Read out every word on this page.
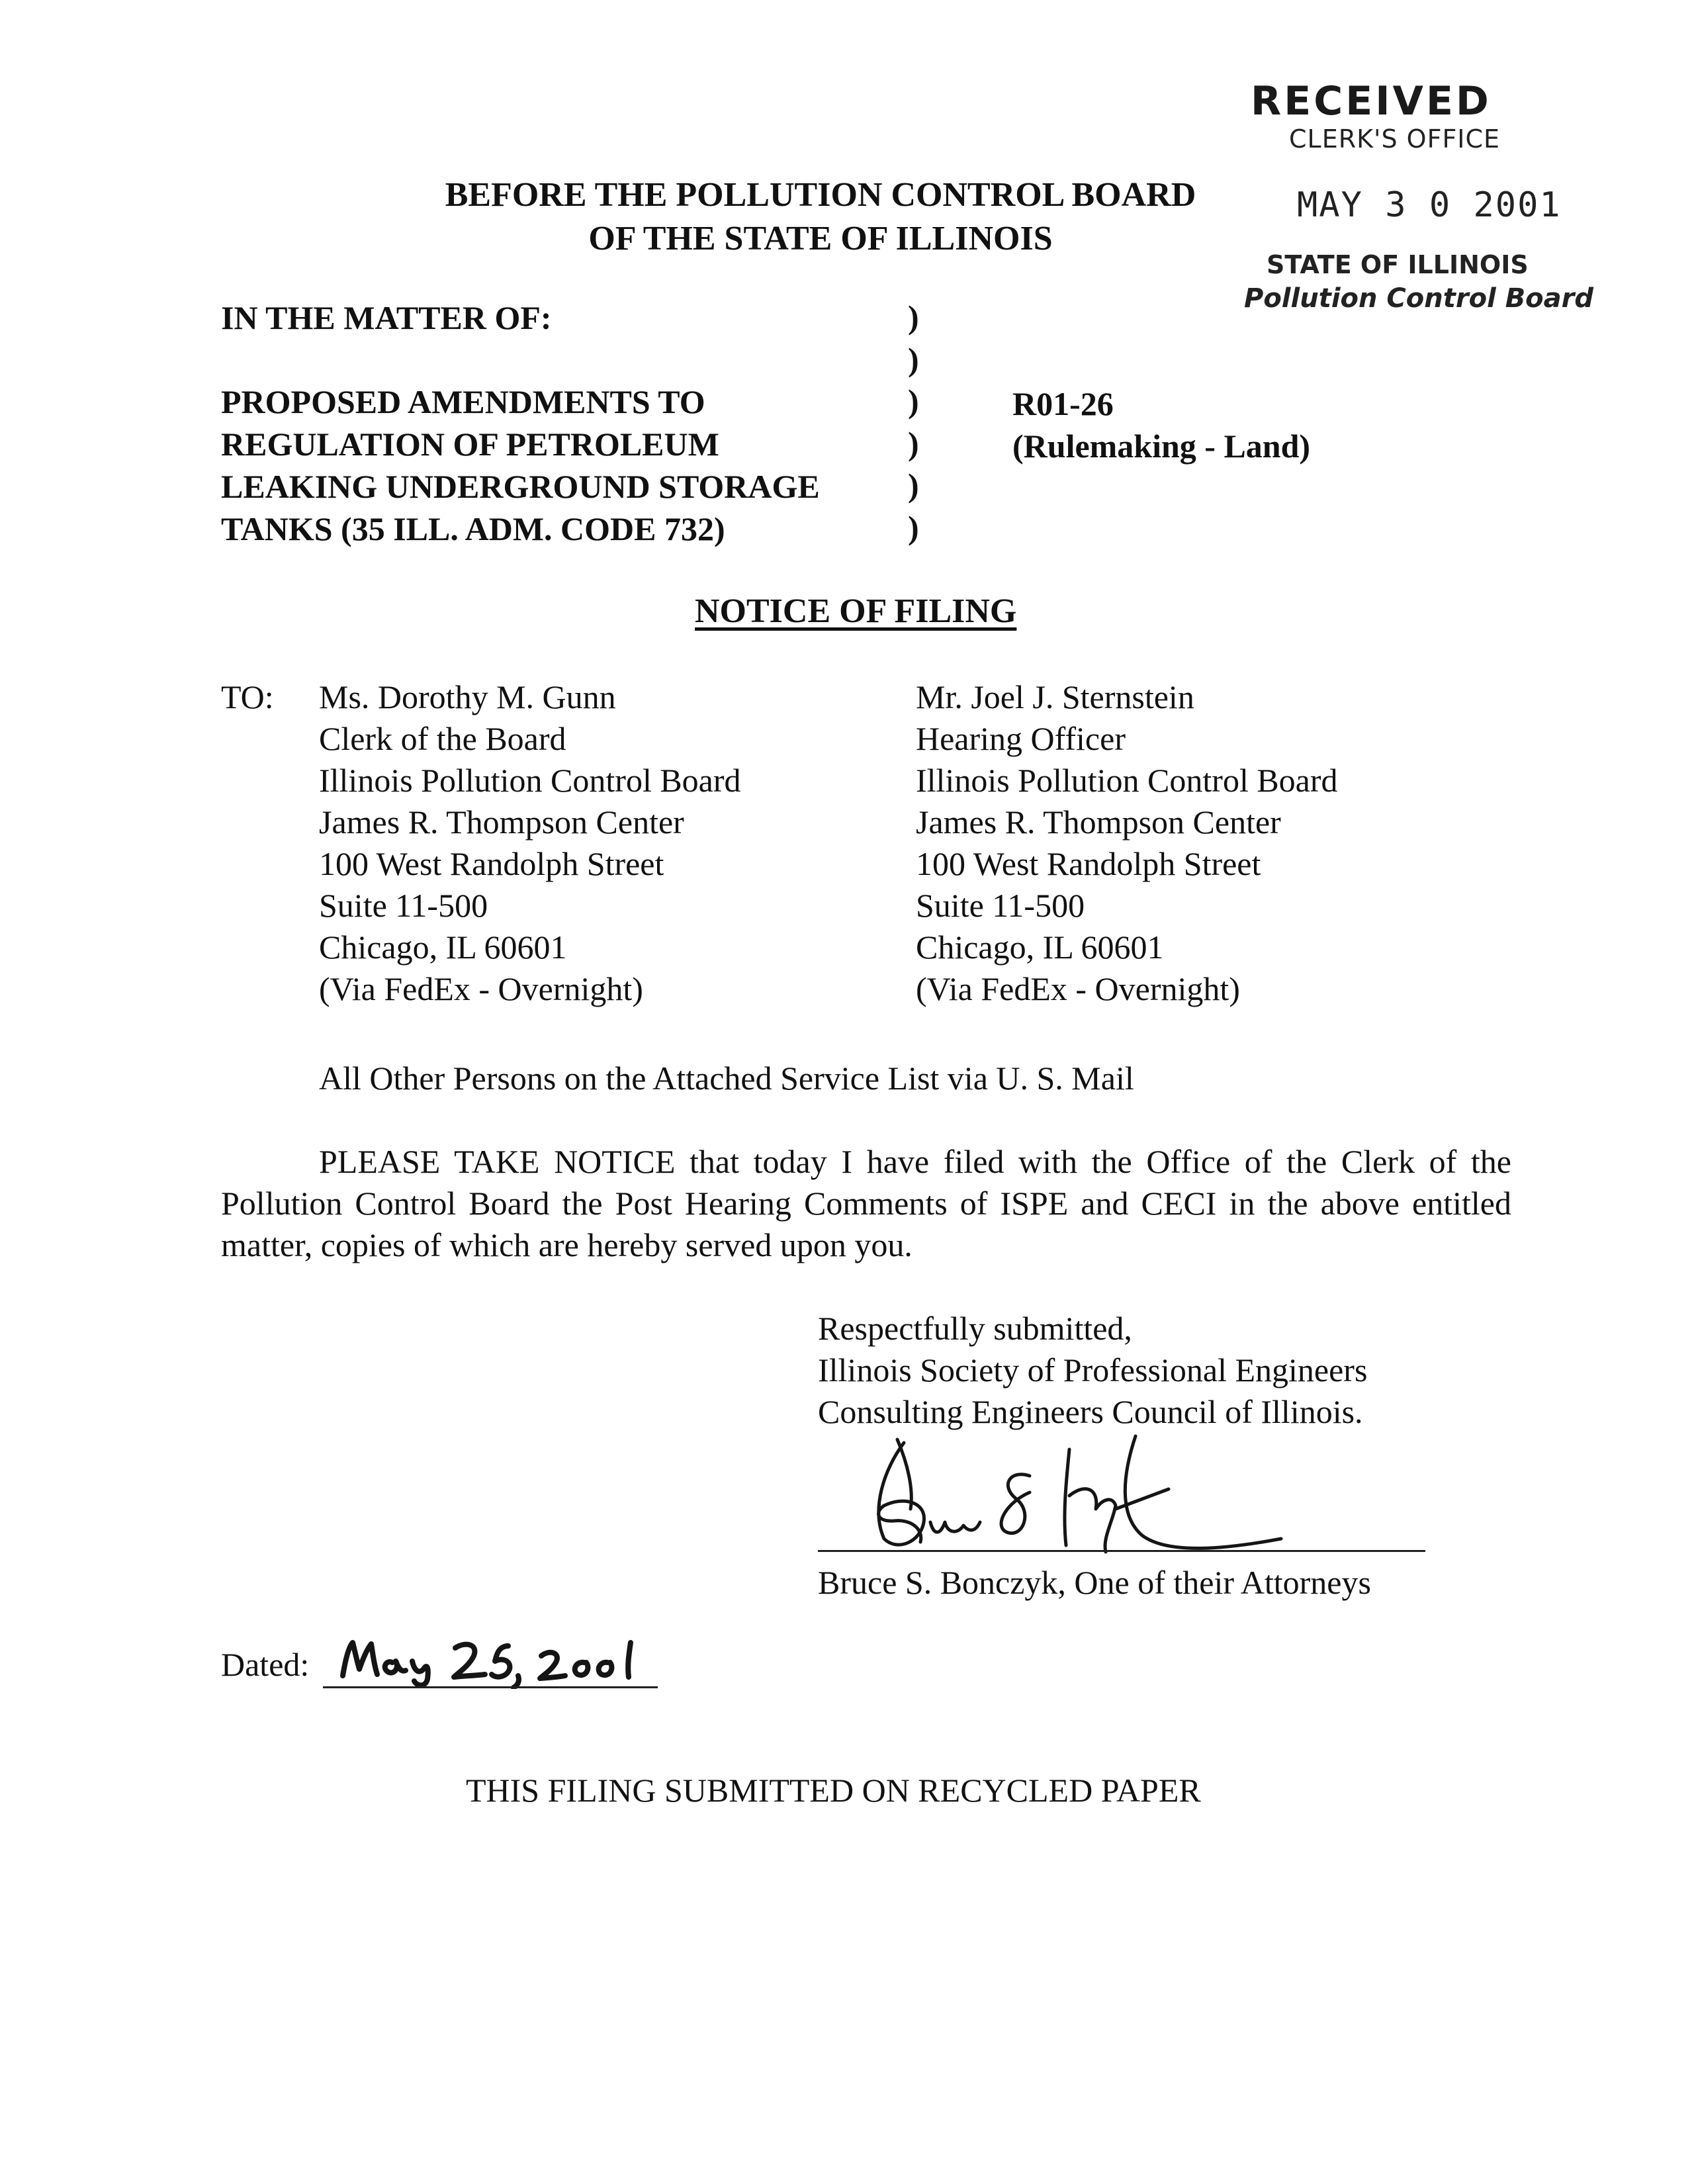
RECEIVED
CLERK'S OFFICE
MAY 3 0 2001
STATE OF ILLINOIS
Pollution Control Board
BEFORE THE POLLUTION CONTROL BOARD
OF THE STATE OF ILLINOIS
IN THE MATTER OF:
PROPOSED AMENDMENTS TO
REGULATION OF PETROLEUM
LEAKING UNDERGROUND STORAGE
TANKS (35 ILL. ADM. CODE 732)
)
)
)
)
)
)
R01-26
(Rulemaking - Land)
NOTICE OF FILING
TO: Ms. Dorothy M. Gunn
Clerk of the Board
Illinois Pollution Control Board
James R. Thompson Center
100 West Randolph Street
Suite 11-500
Chicago, IL 60601
(Via FedEx - Overnight)
Mr. Joel J. Sternstein
Hearing Officer
Illinois Pollution Control Board
James R. Thompson Center
100 West Randolph Street
Suite 11-500
Chicago, IL 60601
(Via FedEx - Overnight)
All Other Persons on the Attached Service List via U. S. Mail

PLEASE TAKE NOTICE that today I have filed with the Office of the Clerk of the Pollution Control Board the Post Hearing Comments of ISPE and CECI in the above entitled matter, copies of which are hereby served upon you.

Respectfully submitted,
Illinois Society of Professional Engineers
Consulting Engineers Council of Illinois.
Bruce S. Bonczyk, One of their Attorneys
Dated:
THIS FILING SUBMITTED ON RECYCLED PAPER
